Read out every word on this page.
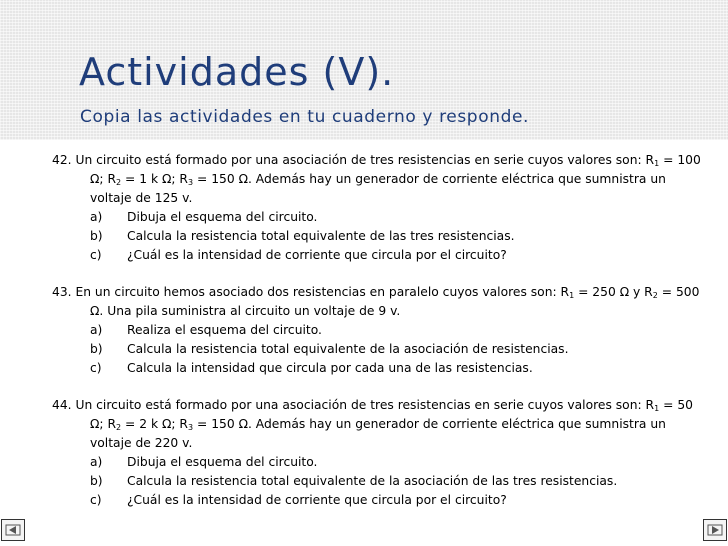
Actividades (V).

Copia las actividades en tu cuaderno y responde.

42. Un circuito está formado por una asociación de tres resistencias en serie cuyos valores son: $R_1 = 100$ Ω; $R_2 = 1$ k Ω; $R_3 = 150$ Ω. Además hay un generador de corriente eléctrica que sumnistra un voltaje de 125 v.

a) Dibuja el esquema del circuito.
b) Calcula la resistencia total equivalente de las tres resistencias.
c) ¿Cuál es la intensidad de corriente que circula por el circuito?

43. En un circuito hemos asociado dos resistencias en paralelo cuyos valores son: $R_1 = 250$ Ω y $R_2 = 500$ Ω. Una pila suministra al circuito un voltaje de 9 v.

a) Realiza el esquema del circuito.
b) Calcula la resistencia total equivalente de la asociación de resistencias.
c) Calcula la intensidad que circula por cada una de las resistencias.

44. Un circuito está formado por una asociación de tres resistencias en serie cuyos valores son: $R_1 = 50$ Ω; $R_2 = 2$ k Ω; $R_3 = 150$ Ω. Además hay un generador de corriente eléctrica que sumnistra un voltaje de 220 v.

a) Dibuja el esquema del circuito.
b) Calcula la resistencia total equivalente de la asociación de las tres resistencias.
c) ¿Cuál es la intensidad de corriente que circula por el circuito?
